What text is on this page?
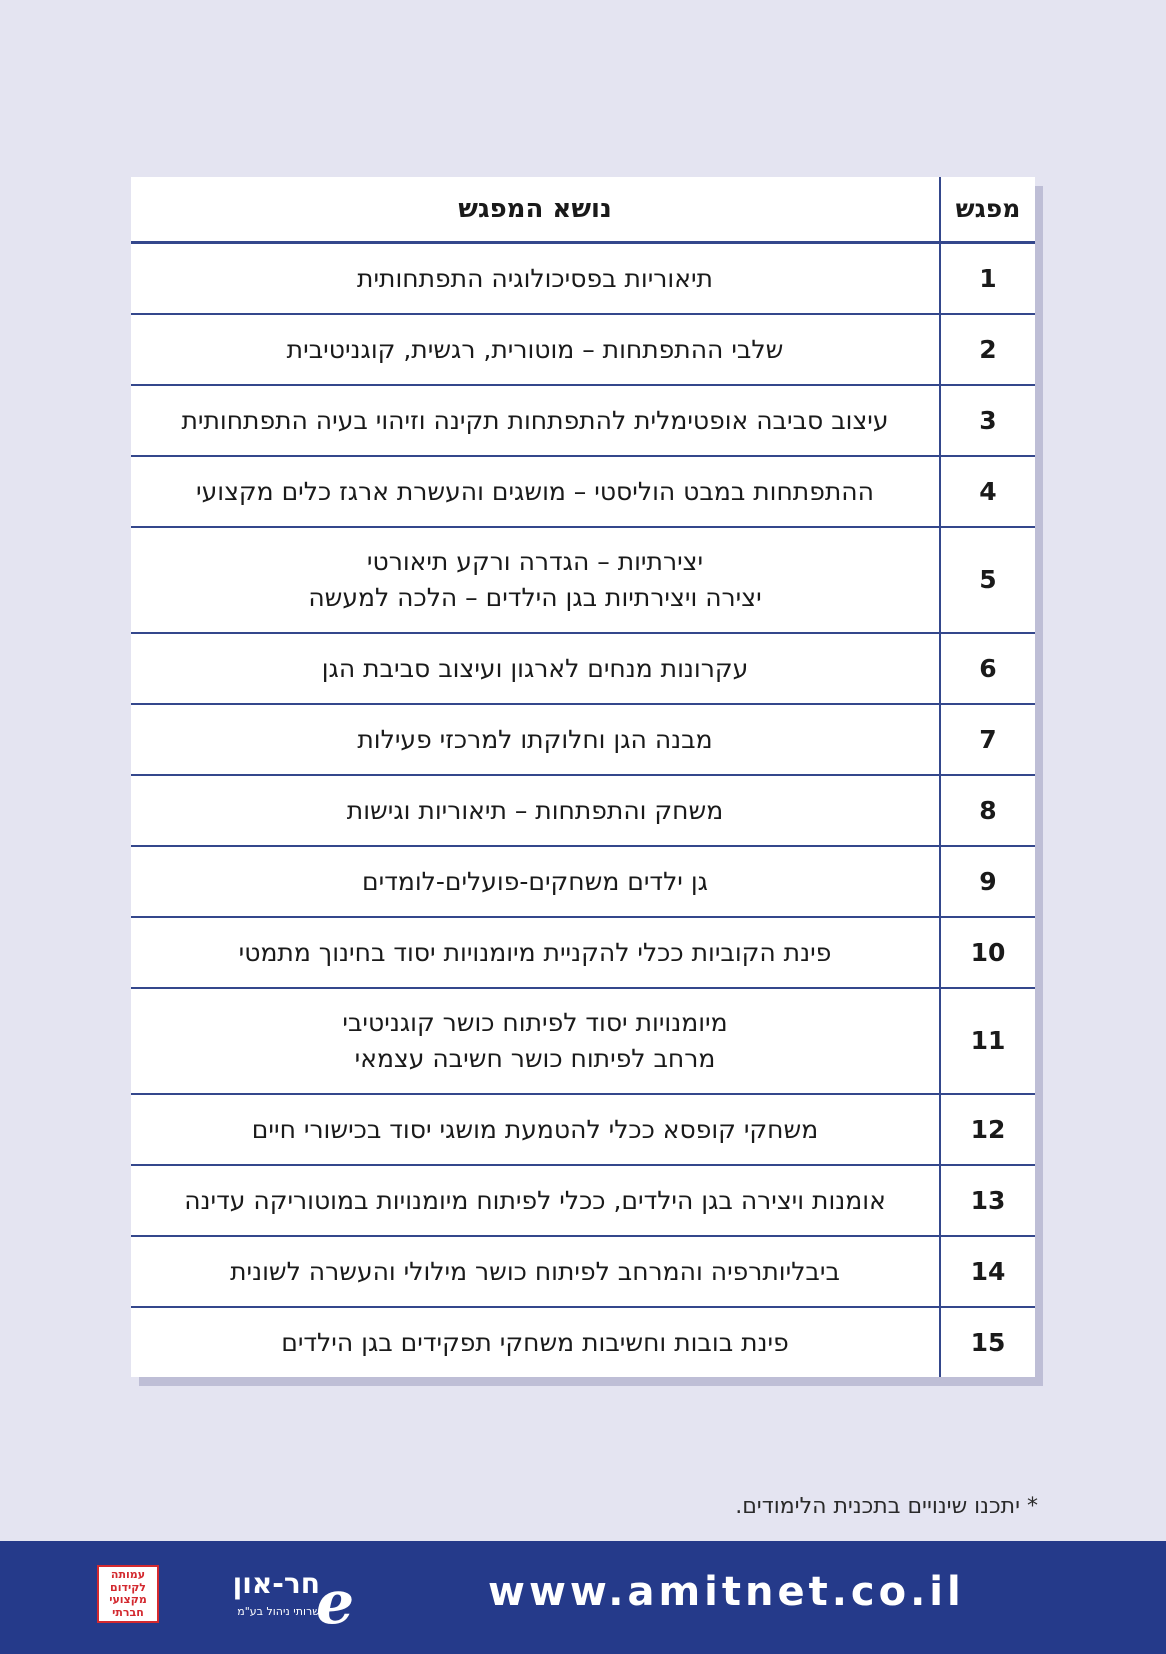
מפגש	נושא המפגש
1	תיאוריות בפסיכולוגיה התפתחותית

2	שלבי ההתפתחות – מוטורית, רגשית, קוגניטיבית

3	עיצוב סביבה אופטימלית להתפתחות תקינה וזיהוי בעיה התפתחותית

4	ההתפתחות במבט הוליסטי – מושגים והעשרת ארגז כלים מקצועי

5	יצירתיות – הגדרה ורקע תיאורטי
יצירה ויצירתיות בגן הילדים – הלכה למעשה

6	עקרונות מנחים לארגון ועיצוב סביבת הגן

7	מבנה הגן וחלוקתו למרכזי פעילות

8	משחק והתפתחות – תיאוריות וגישות

9	גן ילדים משחקים-פועלים-לומדים

10	פינת הקוביות ככלי להקניית מיומנויות יסוד בחינוך מתמטי

11	מיומנויות יסוד לפיתוח כושר קוגניטיבי
מרחב לפיתוח כושר חשיבה עצמאי

12	משחקי קופסא ככלי להטמעת מושגי יסוד בכישורי חיים

13	אומנות ויצירה בגן הילדים, ככלי לפיתוח מיומנויות במוטוריקה עדינה

14	ביבליותרפיה והמרחב לפיתוח כושר מילולי והעשרה לשונית

15	פינת בובות וחשיבות משחקי תפקידים בגן הילדים

* יתכנו שינויים בתכנית הלימודים.

עמותה
לקידום
מקצועי
חברתי
חר-און
שרותי ניהול בע"מ
e	www.amitnet.co.il
